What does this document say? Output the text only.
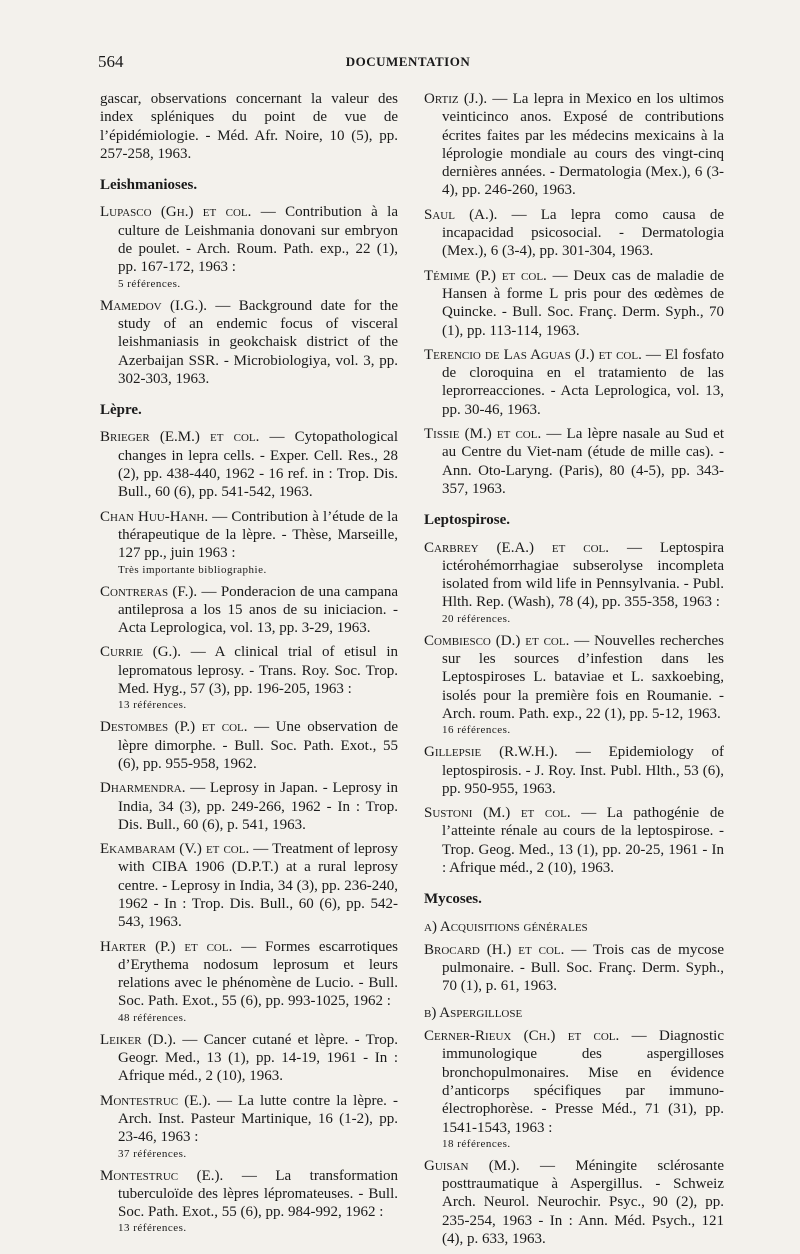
564	DOCUMENTATION

gascar, observations concernant la valeur des index spléniques du point de vue de l’épidémiologie. - Méd. Afr. Noire, 10 (5), pp. 257-258, 1963.

Leishmanioses.

Lupasco (Gh.) et col. — Contribution à la culture de Leishmania donovani sur embryon de poulet. - Arch. Roum. Path. exp., 22 (1), pp. 167-172, 1963 :
5 références.

Mamedov (I.G.). — Background date for the study of an endemic focus of visceral leishmaniasis in geokchaisk district of the Azerbaijan SSR. - Microbiologiya, vol. 3, pp. 302-303, 1963.

Lèpre.

Brieger (E.M.) et col. — Cytopathological changes in lepra cells. - Exper. Cell. Res., 28 (2), pp. 438-440, 1962 - 16 ref. in : Trop. Dis. Bull., 60 (6), pp. 541-542, 1963.

Chan Huu-Hanh. — Contribution à l’étude de la thérapeutique de la lèpre. - Thèse, Marseille, 127 pp., juin 1963 :
Très importante bibliographie.

Contreras (F.). — Ponderacion de una campana antileprosa a los 15 anos de su iniciacion. - Acta Leprologica, vol. 13, pp. 3-29, 1963.

Currie (G.). — A clinical trial of etisul in lepromatous leprosy. - Trans. Roy. Soc. Trop. Med. Hyg., 57 (3), pp. 196-205, 1963 :
13 références.

Destombes (P.) et col. — Une observation de lèpre dimorphe. - Bull. Soc. Path. Exot., 55 (6), pp. 955-958, 1962.

Dharmendra. — Leprosy in Japan. - Leprosy in India, 34 (3), pp. 249-266, 1962 - In : Trop. Dis. Bull., 60 (6), p. 541, 1963.

Ekambaram (V.) et col. — Treatment of leprosy with CIBA 1906 (D.P.T.) at a rural leprosy centre. - Leprosy in India, 34 (3), pp. 236-240, 1962 - In : Trop. Dis. Bull., 60 (6), pp. 542-543, 1963.

Harter (P.) et col. — Formes escarrotiques d’Erythema nodosum leprosum et leurs relations avec le phénomène de Lucio. - Bull. Soc. Path. Exot., 55 (6), pp. 993-1025, 1962 :
48 références.

Leiker (D.). — Cancer cutané et lèpre. - Trop. Geogr. Med., 13 (1), pp. 14-19, 1961 - In : Afrique méd., 2 (10), 1963.

Montestruc (E.). — La lutte contre la lèpre. - Arch. Inst. Pasteur Martinique, 16 (1-2), pp. 23-46, 1963 :
37 références.

Montestruc (E.). — La transformation tuberculoïde des lèpres lépromateuses. - Bull. Soc. Path. Exot., 55 (6), pp. 984-992, 1962 :
13 références.

Ortiz (J.). — La lepra in Mexico en los ultimos veinticinco anos. Exposé de contributions écrites faites par les médecins mexicains à la léprologie mondiale au cours des vingt-cinq dernières années. - Dermatologia (Mex.), 6 (3-4), pp. 246-260, 1963.

Saul (A.). — La lepra como causa de incapacidad psicosocial. - Dermatologia (Mex.), 6 (3-4), pp. 301-304, 1963.

Témime (P.) et col. — Deux cas de maladie de Hansen à forme L pris pour des œdèmes de Quincke. - Bull. Soc. Franç. Derm. Syph., 70 (1), pp. 113-114, 1963.

Terencio de Las Aguas (J.) et col. — El fosfato de cloroquina en el tratamiento de las leprorreacciones. - Acta Leprologica, vol. 13, pp. 30-46, 1963.

Tissie (M.) et col. — La lèpre nasale au Sud et au Centre du Viet-nam (étude de mille cas). - Ann. Oto-Laryng. (Paris), 80 (4-5), pp. 343-357, 1963.

Leptospirose.

Carbrey (E.A.) et col. — Leptospira ictérohémorrhagiae subserolyse incompleta isolated from wild life in Pennsylvania. - Publ. Hlth. Rep. (Wash), 78 (4), pp. 355-358, 1963 :
20 références.

Combiesco (D.) et col. — Nouvelles recherches sur les sources d’infestion dans les Leptospiroses L. bataviae et L. saxkoebing, isolés pour la première fois en Roumanie. - Arch. roum. Path. exp., 22 (1), pp. 5-12, 1963.
16 références.

Gillepsie (R.W.H.). — Epidemiology of leptospirosis. - J. Roy. Inst. Publ. Hlth., 53 (6), pp. 950-955, 1963.

Sustoni (M.) et col. — La pathogénie de l’atteinte rénale au cours de la leptospirose. - Trop. Geog. Med., 13 (1), pp. 20-25, 1961 - In : Afrique méd., 2 (10), 1963.

Mycoses.
a) Acquisitions générales

Brocard (H.) et col. — Trois cas de mycose pulmonaire. - Bull. Soc. Franç. Derm. Syph., 70 (1), p. 61, 1963.

b) Aspergillose

Cerner-Rieux (Ch.) et col. — Diagnostic immunologique des aspergilloses bronchopulmonaires. Mise en évidence d’anticorps spécifiques par immuno-électrophorèse. - Presse Méd., 71 (31), pp. 1541-1543, 1963 :
18 références.

Guisan (M.). — Méningite sclérosante posttraumatique à Aspergillus. - Schweiz Arch. Neurol. Neurochir. Psyc., 90 (2), pp. 235-254, 1963 - In : Ann. Méd. Psych., 121 (4), p. 633, 1963.
